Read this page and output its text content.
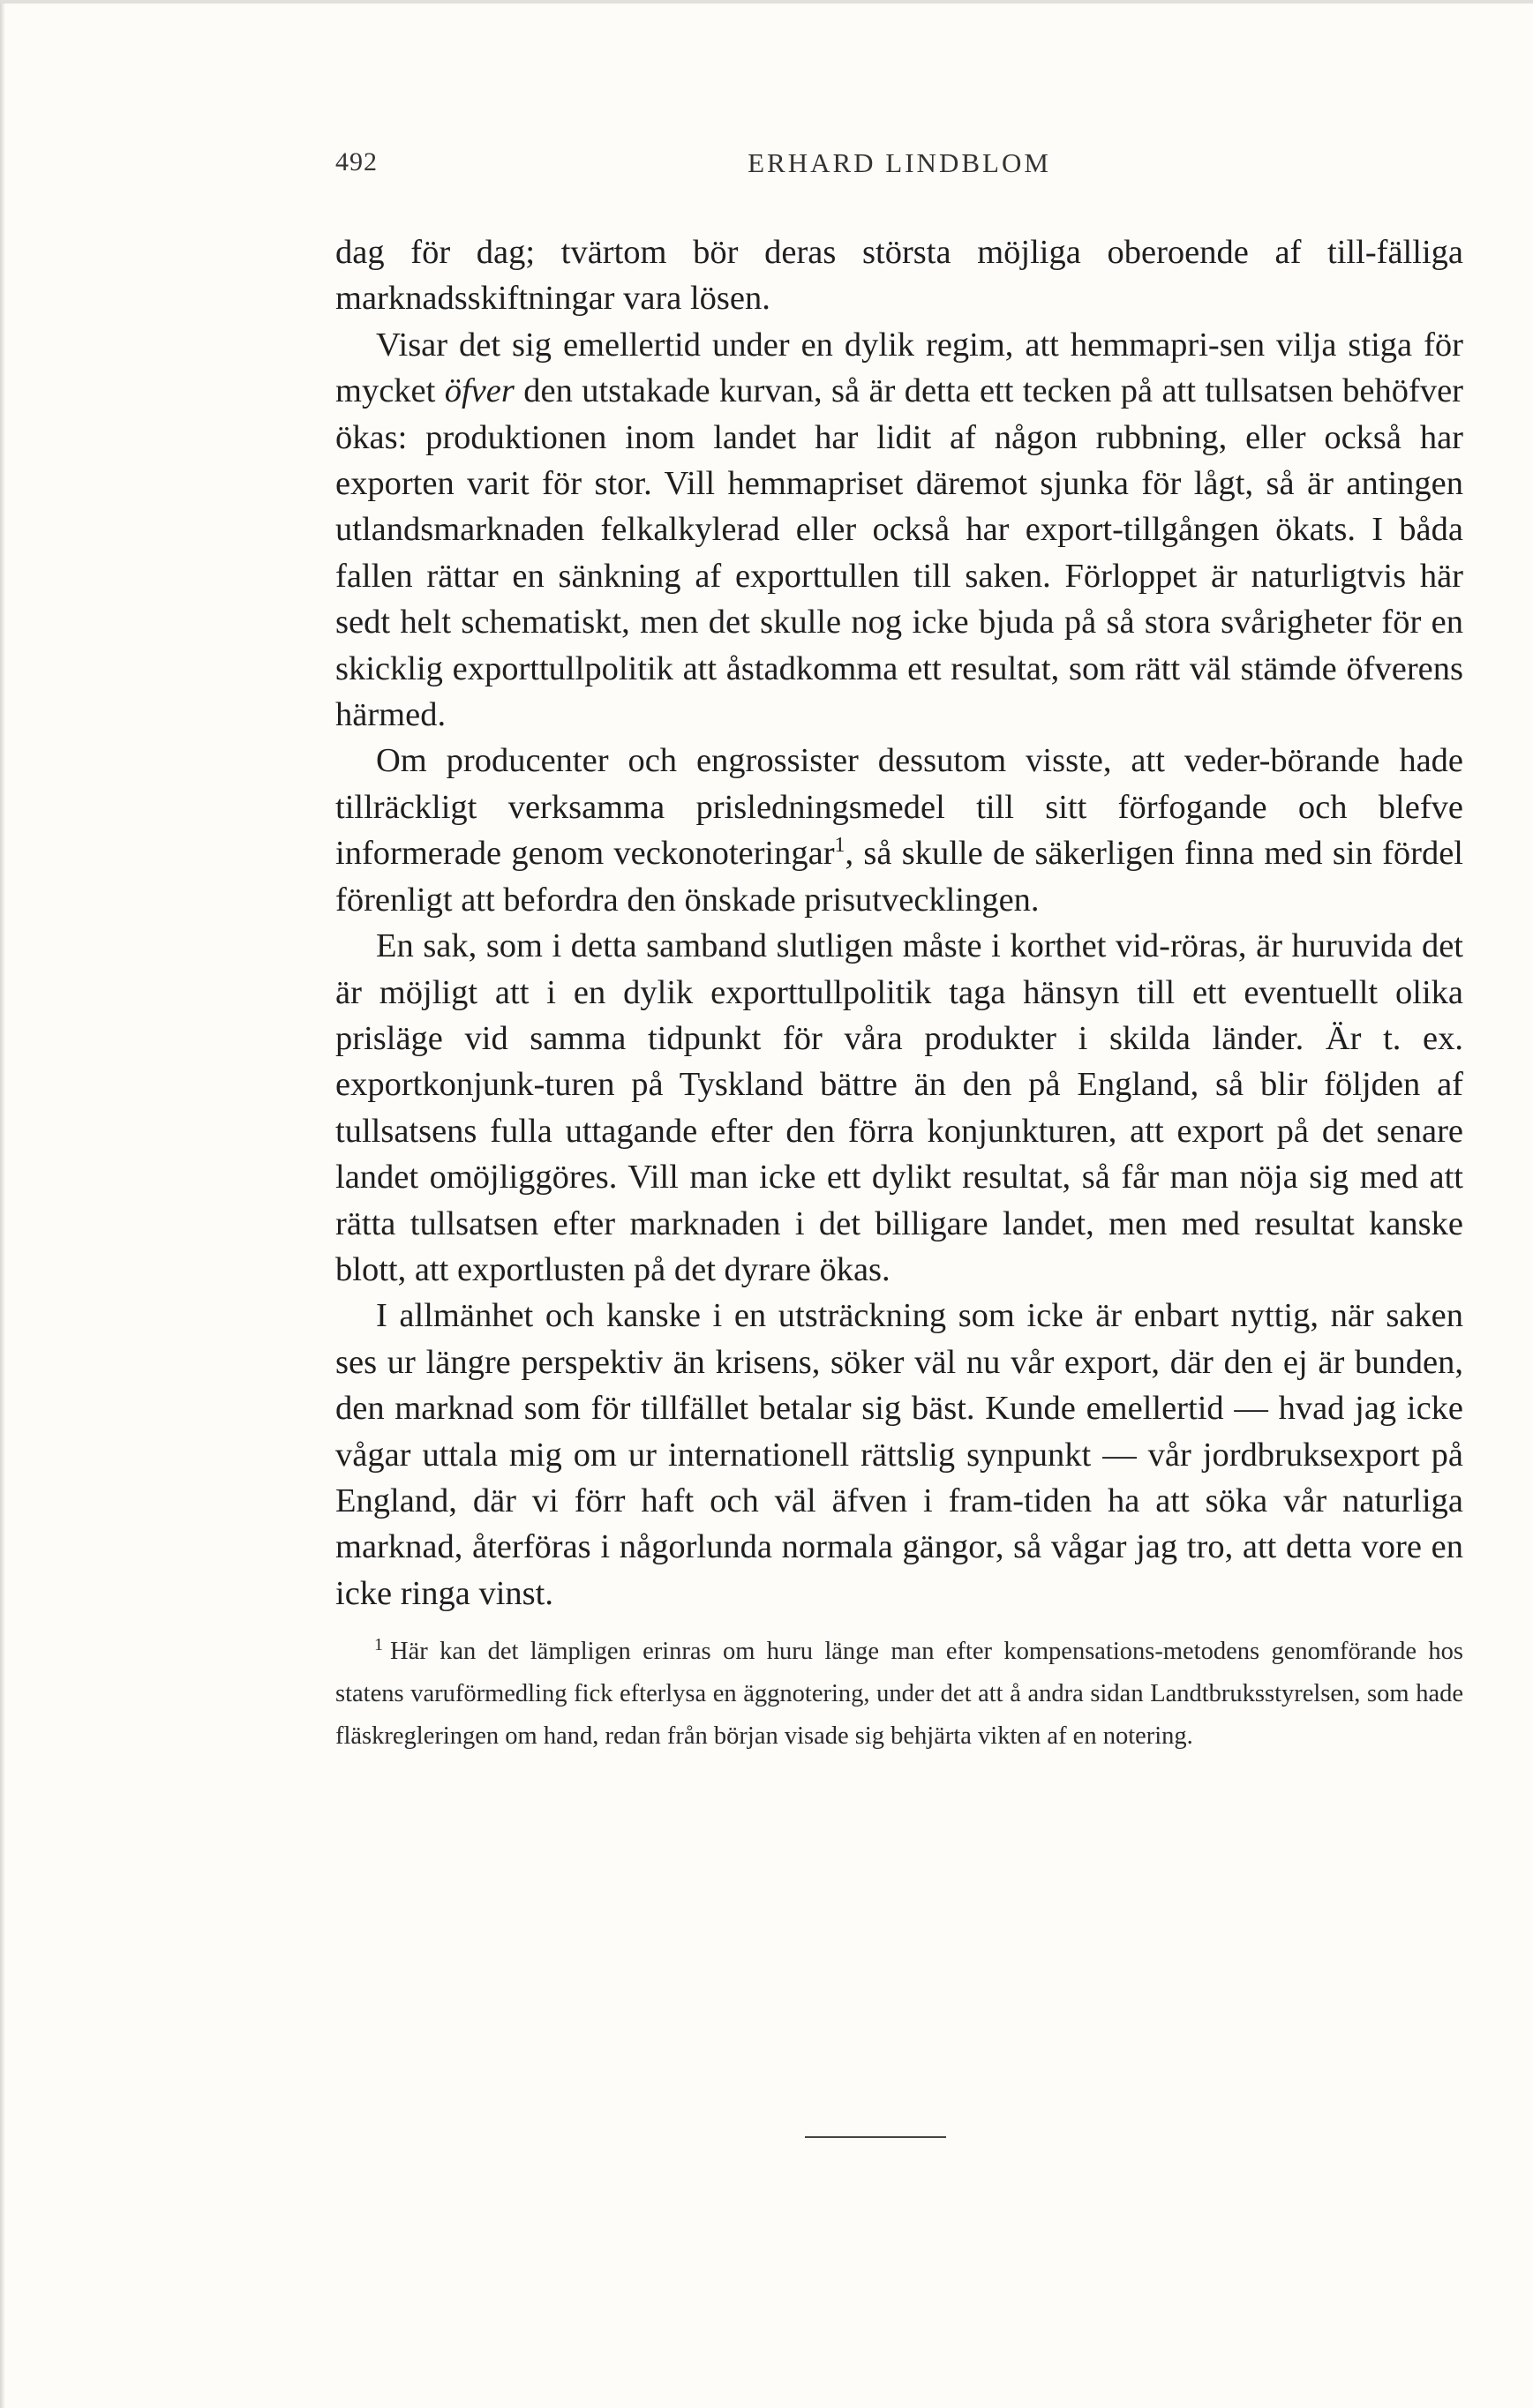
492	ERHARD LINDBLOM

dag för dag; tvärtom bör deras största möjliga oberoende af till-fälliga marknadsskiftningar vara lösen.

Visar det sig emellertid under en dylik regim, att hemmapri-sen vilja stiga för mycket öfver den utstakade kurvan, så är detta ett tecken på att tullsatsen behöfver ökas: produktionen inom landet har lidit af någon rubbning, eller också har exporten varit för stor. Vill hemmapriset däremot sjunka för lågt, så är antingen utlandsmarknaden felkalkylerad eller också har export-tillgången ökats. I båda fallen rättar en sänkning af exporttullen till saken. Förloppet är naturligtvis här sedt helt schematiskt, men det skulle nog icke bjuda på så stora svårigheter för en skicklig exporttullpolitik att åstadkomma ett resultat, som rätt väl stämde öfverens härmed.

Om producenter och engrossister dessutom visste, att veder-börande hade tillräckligt verksamma prisledningsmedel till sitt förfogande och blefve informerade genom veckonoteringar$^1$, så skulle de säkerligen finna med sin fördel förenligt att befordra den önskade prisutvecklingen.

En sak, som i detta samband slutligen måste i korthet vid-röras, är huruvida det är möjligt att i en dylik exporttullpolitik taga hänsyn till ett eventuellt olika prisläge vid samma tidpunkt för våra produkter i skilda länder. Är t. ex. exportkonjunk-turen på Tyskland bättre än den på England, så blir följden af tullsatsens fulla uttagande efter den förra konjunkturen, att export på det senare landet omöjliggöres. Vill man icke ett dylikt resultat, så får man nöja sig med att rätta tullsatsen efter marknaden i det billigare landet, men med resultat kanske blott, att exportlusten på det dyrare ökas.

I allmänhet och kanske i en utsträckning som icke är enbart nyttig, när saken ses ur längre perspektiv än krisens, söker väl nu vår export, där den ej är bunden, den marknad som för tillfället betalar sig bäst. Kunde emellertid — hvad jag icke vågar uttala mig om ur internationell rättslig synpunkt — vår jordbruksexport på England, där vi förr haft och väl äfven i fram-tiden ha att söka vår naturliga marknad, återföras i någorlunda normala gängor, så vågar jag tro, att detta vore en icke ringa vinst.

$^1$ Här kan det lämpligen erinras om huru länge man efter kompensations-metodens genomförande hos statens varuförmedling fick efterlysa en äggnotering, under det att å andra sidan Landtbruksstyrelsen, som hade fläskregleringen om hand, redan från början visade sig behjärta vikten af en notering.
